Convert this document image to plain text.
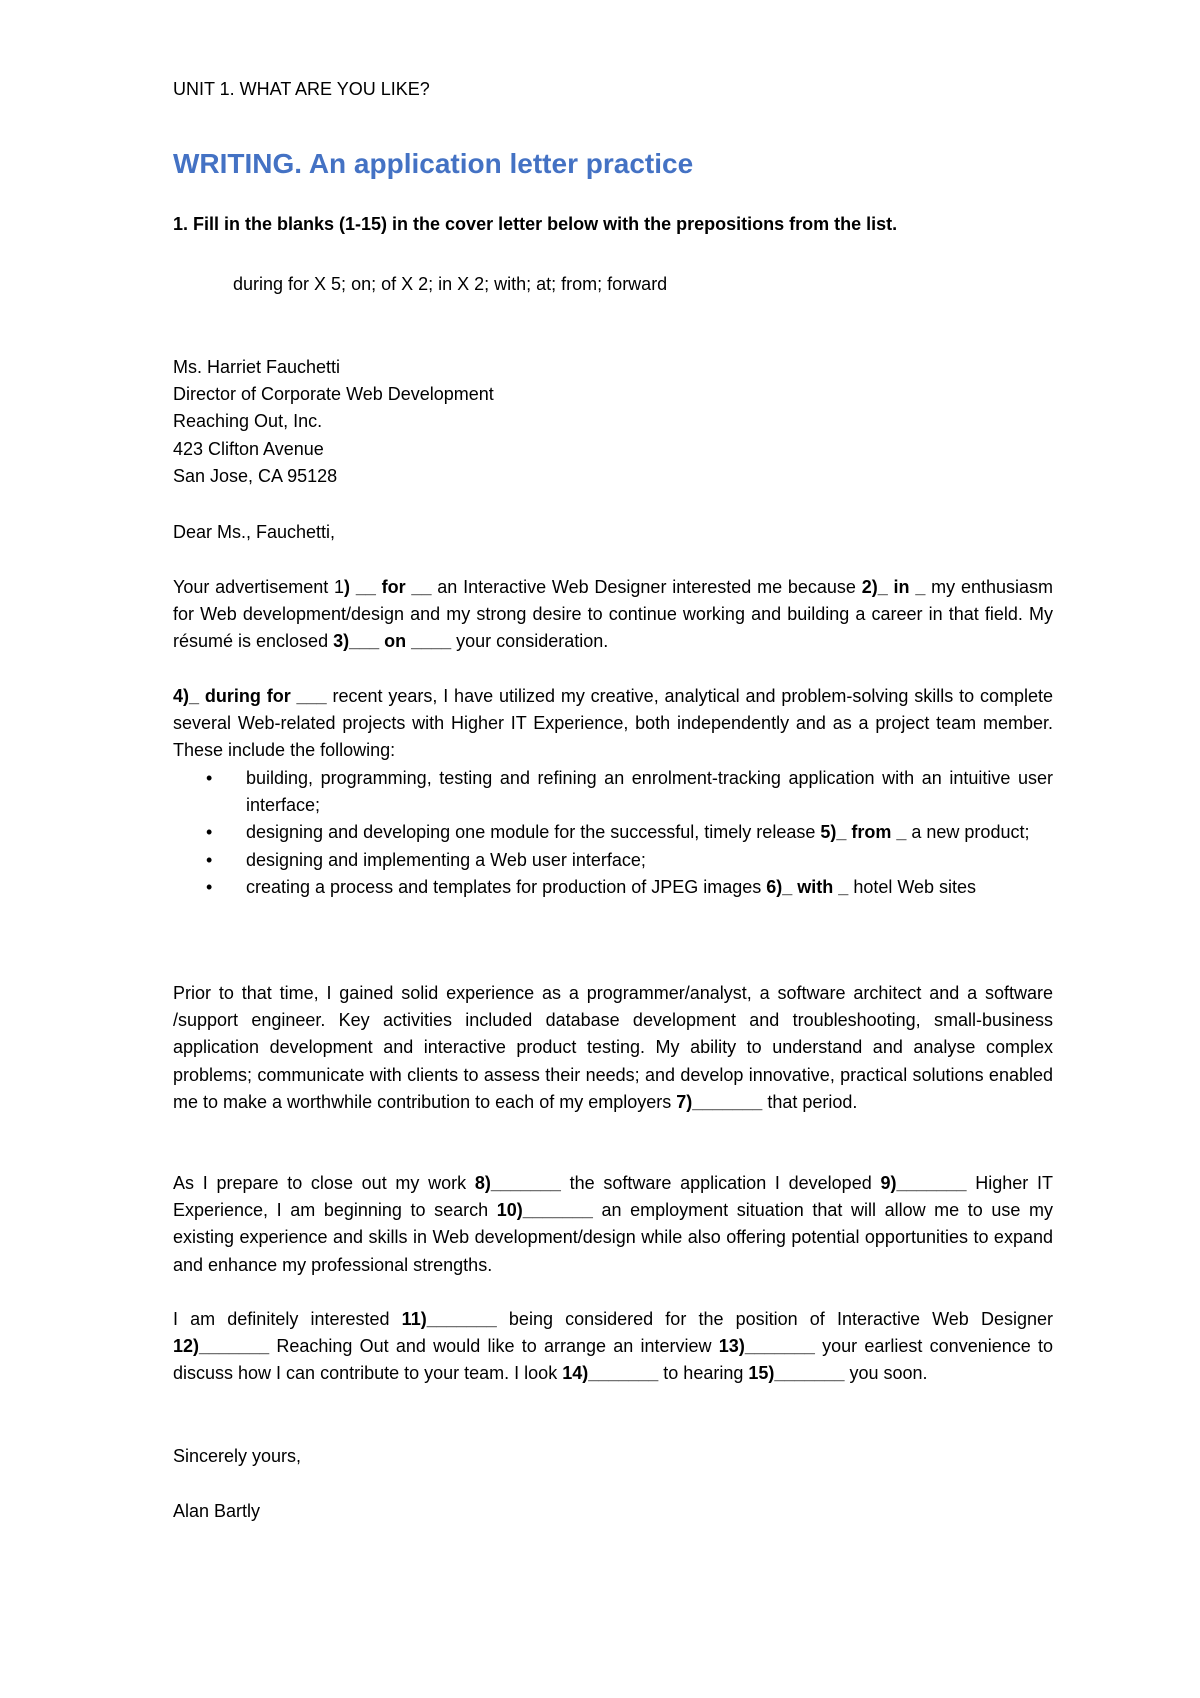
UNIT 1. WHAT ARE YOU LIKE?
WRITING. An application letter practice

1. Fill in the blanks (1-15) in the cover letter below with the prepositions from the list.

during for X 5; on; of X 2; in X 2; with; at; from; forward

Ms. Harriet Fauchetti
Director of Corporate Web Development
Reaching Out, Inc.
423 Clifton Avenue
San Jose, CA 95128
Dear Ms., Fauchetti,

Your advertisement 1) __ for __ an Interactive Web Designer interested me because 2)_ in _ my enthusiasm for Web development/design and my strong desire to continue working and building a career in that field. My résumé is enclosed 3)___ on ____ your consideration.

4)_ during for ___ recent years, I have utilized my creative, analytical and problem-solving skills to complete several Web-related projects with Higher IT Experience, both independently and as a project team member. These include the following:

• building, programming, testing and refining an enrolment-tracking application with an intuitive user interface;
• designing and developing one module for the successful, timely release 5)_ from _ a new product;
• designing and implementing a Web user interface;
• creating a process and templates for production of JPEG images 6)_ with _ hotel Web sites

Prior to that time, I gained solid experience as a programmer/analyst, a software architect and a software /support engineer. Key activities included database development and troubleshooting, small-business application development and interactive product testing. My ability to understand and analyse complex problems; communicate with clients to assess their needs; and develop innovative, practical solutions enabled me to make a worthwhile contribution to each of my employers 7)_______ that period.

As I prepare to close out my work 8)_______ the software application I developed 9)_______ Higher IT Experience, I am beginning to search 10)_______ an employment situation that will allow me to use my existing experience and skills in Web development/design while also offering potential opportunities to expand and enhance my professional strengths.

I am definitely interested 11)_______ being considered for the position of Interactive Web Designer 12)_______ Reaching Out and would like to arrange an interview 13)_______ your earliest convenience to discuss how I can contribute to your team. I look 14)_______ to hearing 15)_______ you soon.

Sincerely yours,
Alan Bartly
